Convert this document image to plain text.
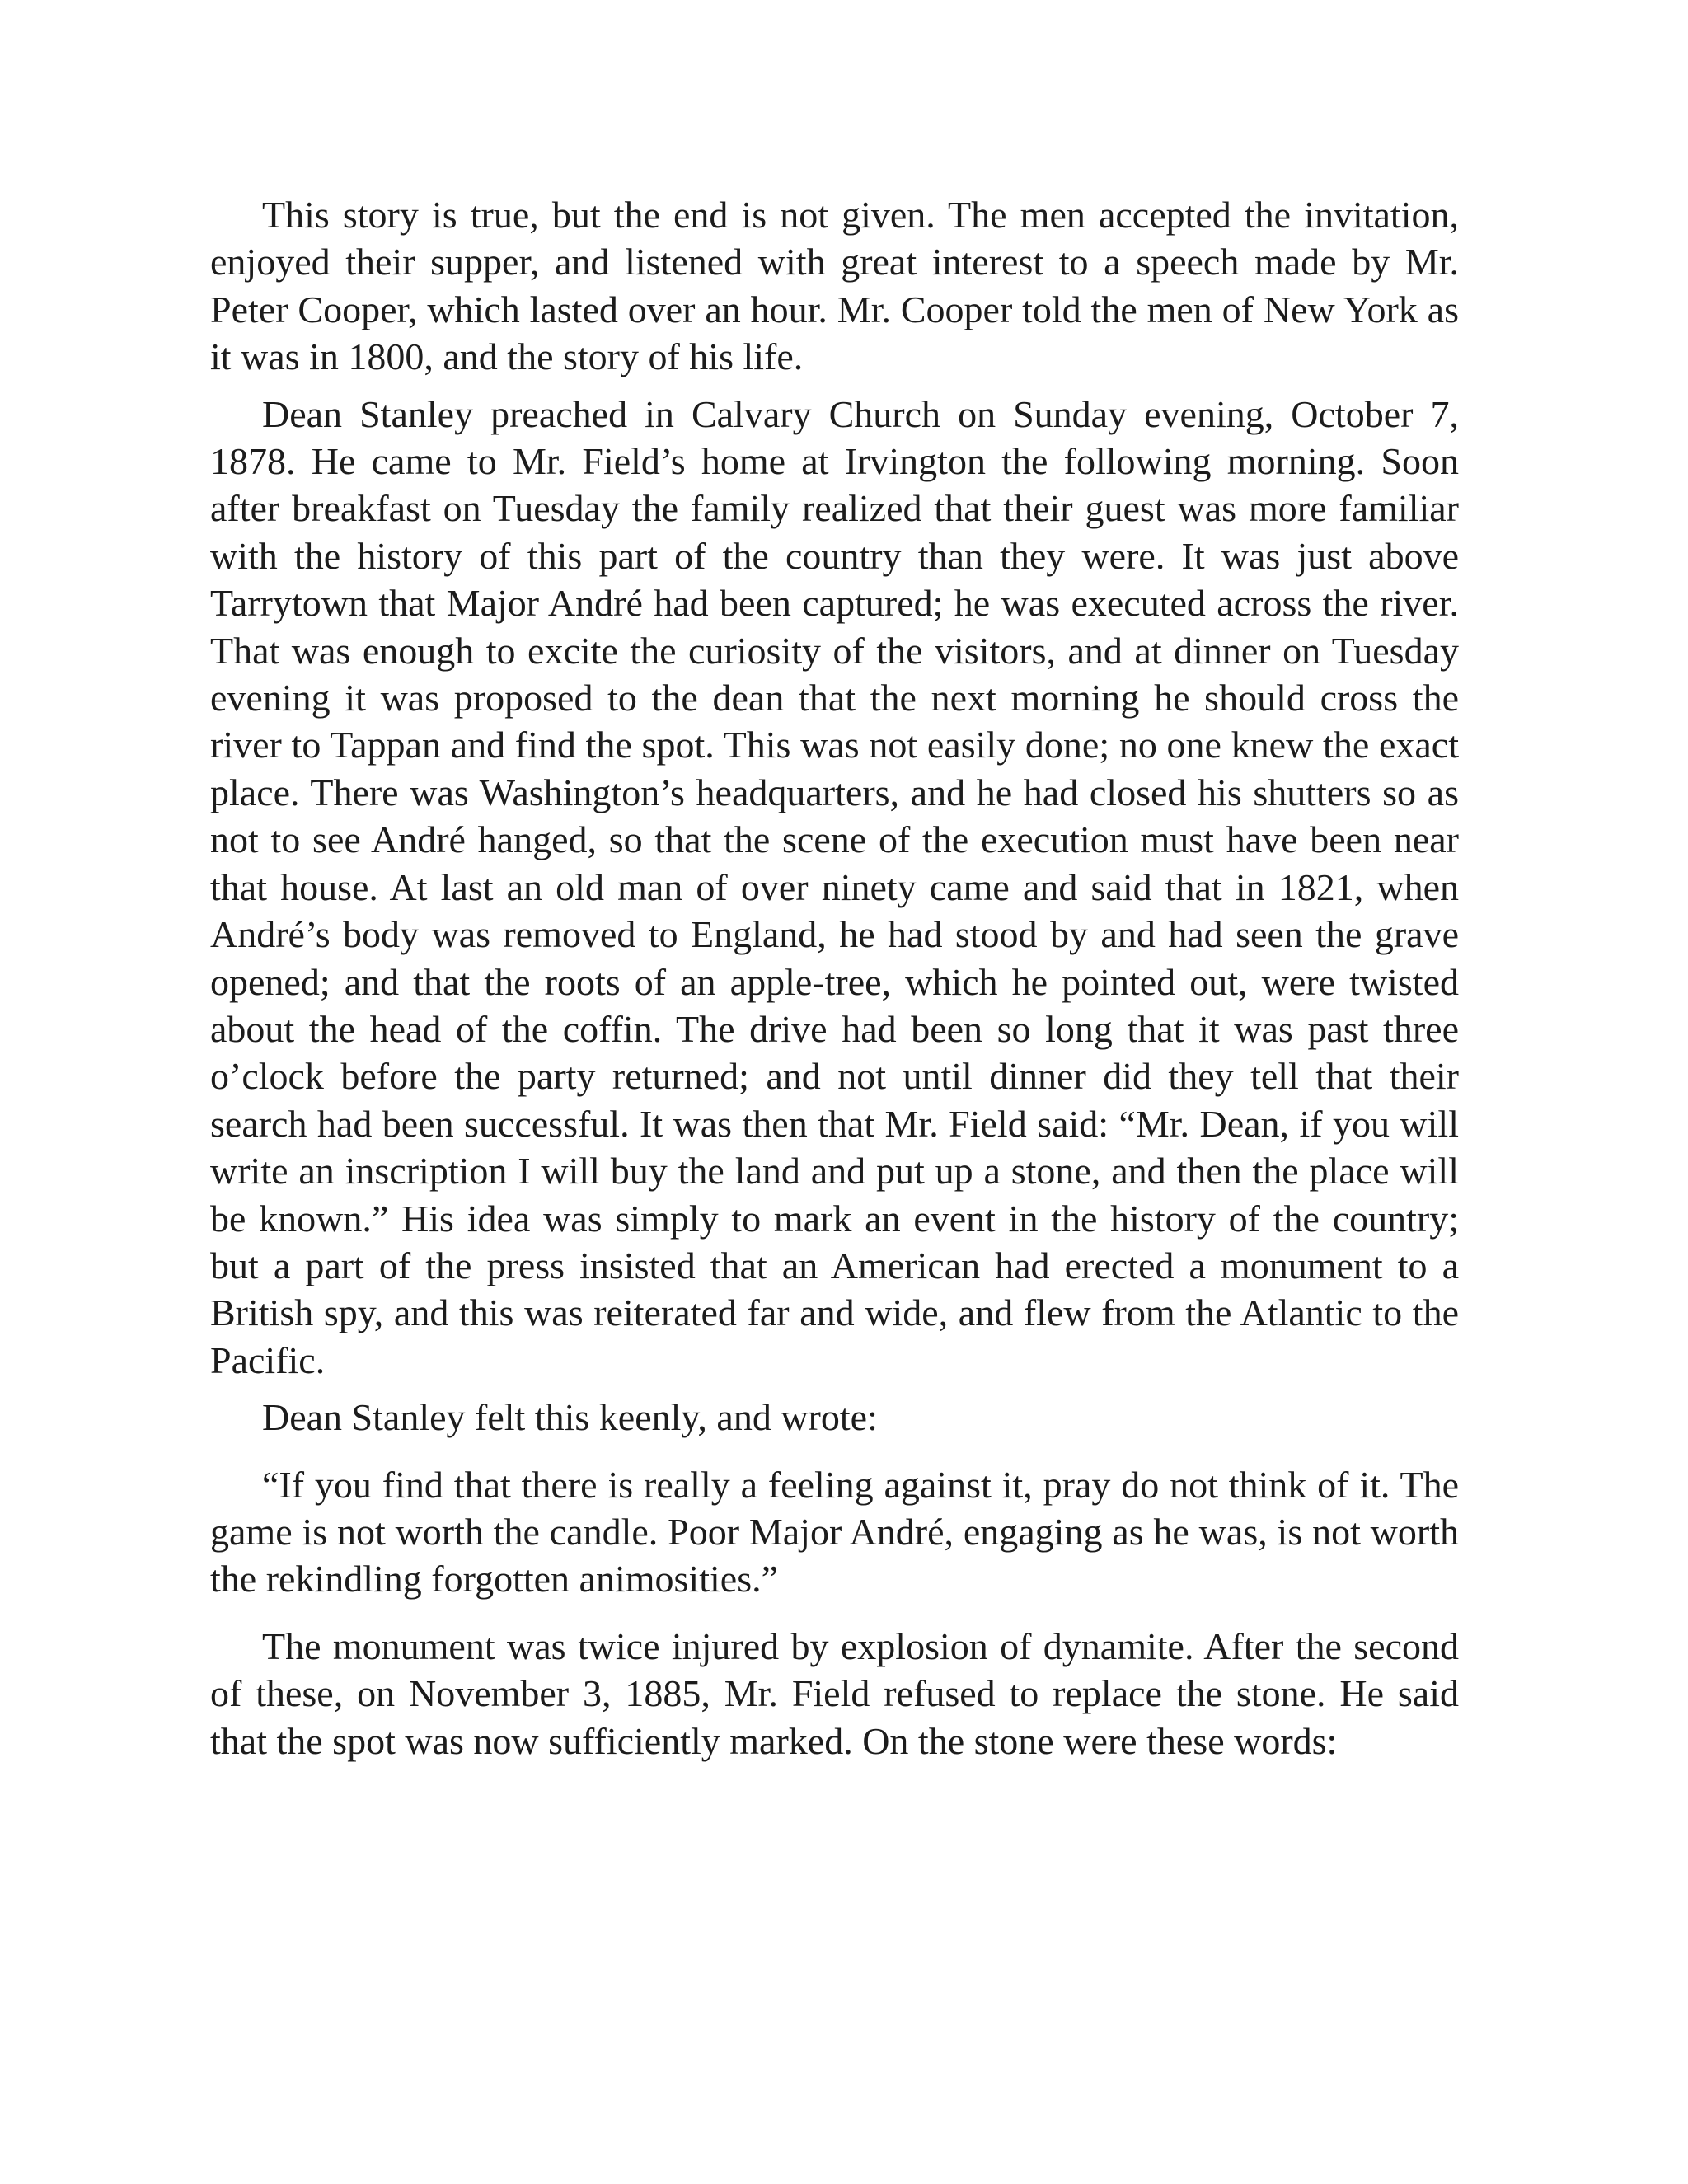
This story is true, but the end is not given. The men accepted the invitation, enjoyed their supper, and listened with great interest to a speech made by Mr. Peter Cooper, which lasted over an hour. Mr. Cooper told the men of New York as it was in 1800, and the story of his life.

Dean Stanley preached in Calvary Church on Sunday evening, October 7, 1878. He came to Mr. Field’s home at Irvington the following morning. Soon after breakfast on Tuesday the family realized that their guest was more familiar with the history of this part of the country than they were. It was just above Tarrytown that Major André had been captured; he was executed across the river. That was enough to excite the curiosity of the visitors, and at dinner on Tuesday evening it was proposed to the dean that the next morning he should cross the river to Tappan and find the spot. This was not easily done; no one knew the exact place. There was Washington’s headquarters, and he had closed his shutters so as not to see André hanged, so that the scene of the execution must have been near that house. At last an old man of over ninety came and said that in 1821, when André’s body was removed to England, he had stood by and had seen the grave opened; and that the roots of an apple-tree, which he pointed out, were twisted about the head of the coffin. The drive had been so long that it was past three o’clock before the party returned; and not until dinner did they tell that their search had been successful. It was then that Mr. Field said: “Mr. Dean, if you will write an inscription I will buy the land and put up a stone, and then the place will be known.” His idea was simply to mark an event in the history of the country; but a part of the press insisted that an American had erected a monument to a British spy, and this was reiterated far and wide, and flew from the Atlantic to the Pacific.

Dean Stanley felt this keenly, and wrote:

“If you find that there is really a feeling against it, pray do not think of it. The game is not worth the candle. Poor Major André, engaging as he was, is not worth the rekindling forgotten animosities.”

The monument was twice injured by explosion of dynamite. After the second of these, on November 3, 1885, Mr. Field refused to replace the stone. He said that the spot was now sufficiently marked. On the stone were these words:
